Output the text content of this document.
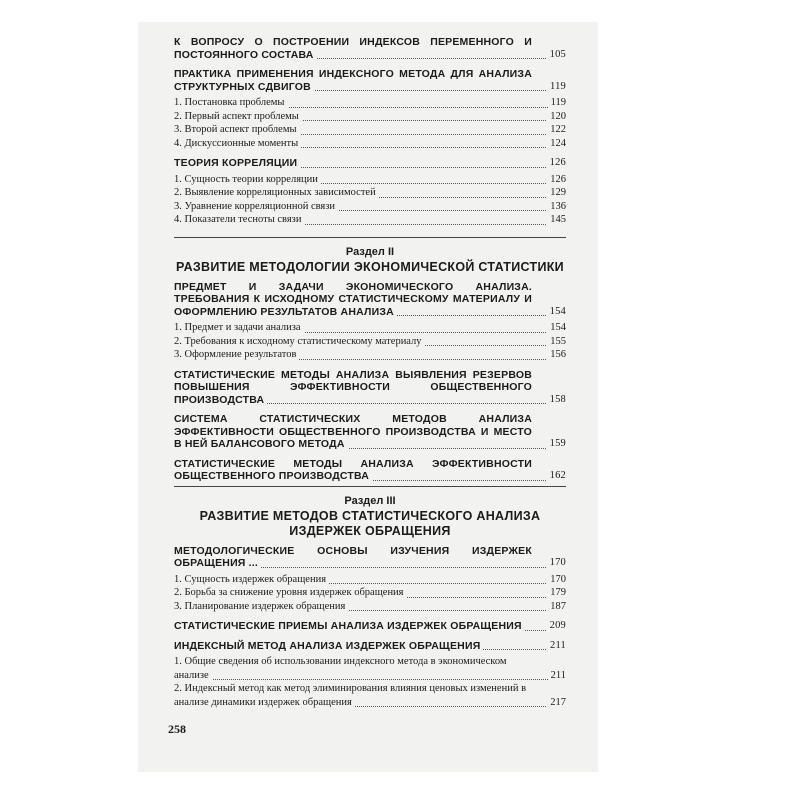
К ВОПРОСУ О ПОСТРОЕНИИ ИНДЕКСОВ ПЕРЕМЕННОГО И ПОСТОЯННОГО СОСТАВА	105
ПРАКТИКА ПРИМЕНЕНИЯ ИНДЕКСНОГО МЕТОДА ДЛЯ АНАЛИЗА СТРУКТУРНЫХ СДВИГОВ	119
1. Постановка проблемы	119
2. Первый аспект проблемы	120
3. Второй аспект проблемы	122
4. Дискуссионные моменты	124
ТЕОРИЯ КОРРЕЛЯЦИИ	126
1. Сущность теории корреляции	126
2. Выявление корреляционных зависимостей	129
3. Уравнение корреляционной связи	136
4. Показатели тесноты связи	145
Раздел II
РАЗВИТИЕ МЕТОДОЛОГИИ ЭКОНОМИЧЕСКОЙ СТАТИСТИКИ
ПРЕДМЕТ И ЗАДАЧИ ЭКОНОМИЧЕСКОГО АНАЛИЗА. ТРЕБОВАНИЯ К ИСХОДНОМУ СТАТИСТИЧЕСКОМУ МАТЕРИАЛУ И ОФОРМЛЕНИЮ РЕЗУЛЬТАТОВ АНАЛИЗА	154
1. Предмет и задачи анализа	154
2. Требования к исходному статистическому материалу	155
3. Оформление результатов	156
СТАТИСТИЧЕСКИЕ МЕТОДЫ АНАЛИЗА ВЫЯВЛЕНИЯ РЕЗЕРВОВ ПОВЫШЕНИЯ ЭФФЕКТИВНОСТИ ОБЩЕСТВЕННОГО ПРОИЗВОДСТВА	158
СИСТЕМА СТАТИСТИЧЕСКИХ МЕТОДОВ АНАЛИЗА ЭФФЕКТИВНОСТИ ОБЩЕСТВЕННОГО ПРОИЗВОДСТВА И МЕСТО В НЕЙ БАЛАНСОВОГО МЕТОДА	159
СТАТИСТИЧЕСКИЕ МЕТОДЫ АНАЛИЗА ЭФФЕКТИВНОСТИ ОБЩЕСТВЕННОГО ПРОИЗВОДСТВА	162
Раздел III
РАЗВИТИЕ МЕТОДОВ СТАТИСТИЧЕСКОГО АНАЛИЗА ИЗДЕРЖЕК ОБРАЩЕНИЯ
МЕТОДОЛОГИЧЕСКИЕ ОСНОВЫ ИЗУЧЕНИЯ ИЗДЕРЖЕК ОБРАЩЕНИЯ ...	170
1. Сущность издержек обращения	170
2. Борьба за снижение уровня издержек обращения	179
3. Планирование издержек обращения	187
СТАТИСТИЧЕСКИЕ ПРИЕМЫ АНАЛИЗА ИЗДЕРЖЕК ОБРАЩЕНИЯ	209
ИНДЕКСНЫЙ МЕТОД АНАЛИЗА ИЗДЕРЖЕК ОБРАЩЕНИЯ	211
1. Общие сведения об использовании индексного метода в экономическом анализе	211
2. Индексный метод как метод элиминирования влияния ценовых изменений в анализе динамики издержек обращения	217
258
